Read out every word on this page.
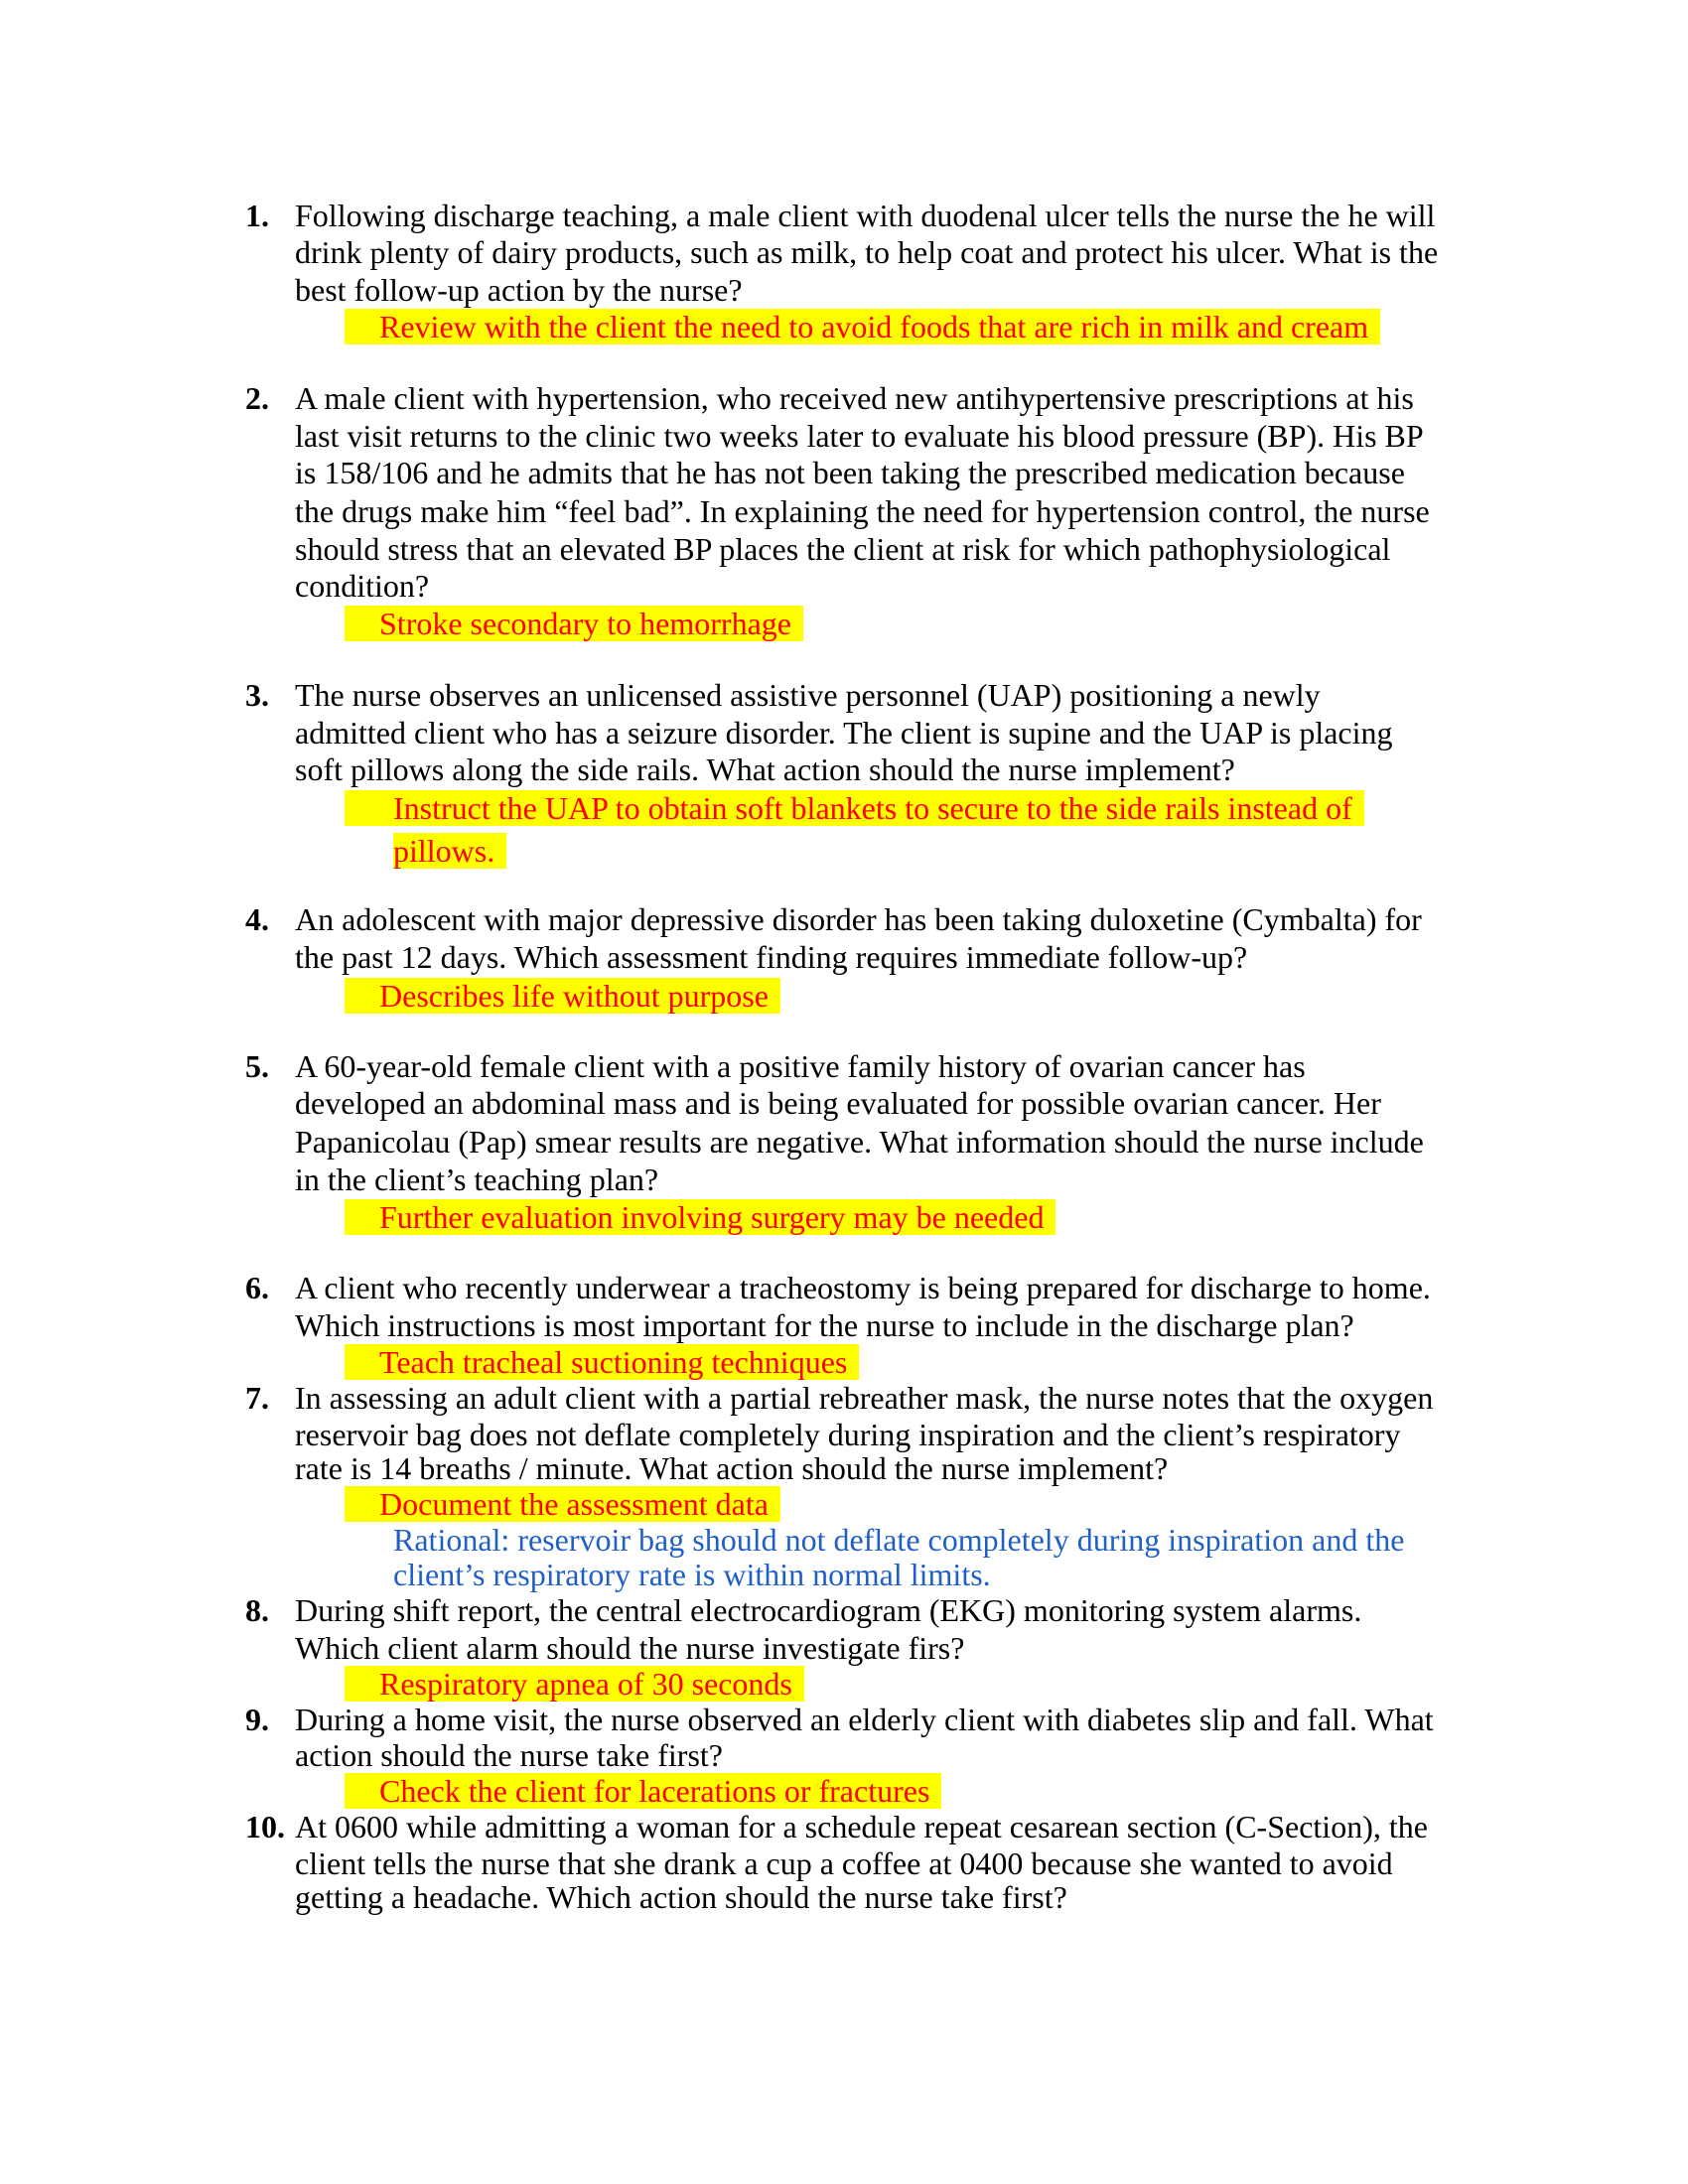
1. Following discharge teaching, a male client with duodenal ulcer tells the nurse the he will
drink plenty of dairy products, such as milk, to help coat and protect his ulcer. What is the
best follow-up action by the nurse?
Review with the client the need to avoid foods that are rich in milk and cream
2. A male client with hypertension, who received new antihypertensive prescriptions at his
last visit returns to the clinic two weeks later to evaluate his blood pressure (BP). His BP
is 158/106 and he admits that he has not been taking the prescribed medication because
the drugs make him “feel bad”. In explaining the need for hypertension control, the nurse
should stress that an elevated BP places the client at risk for which pathophysiological
condition?
Stroke secondary to hemorrhage
3. The nurse observes an unlicensed assistive personnel (UAP) positioning a newly
admitted client who has a seizure disorder. The client is supine and the UAP is placing
soft pillows along the side rails. What action should the nurse implement?
Instruct the UAP to obtain soft blankets to secure to the side rails instead of
pillows.
4. An adolescent with major depressive disorder has been taking duloxetine (Cymbalta) for
the past 12 days. Which assessment finding requires immediate follow-up?
Describes life without purpose
5. A 60-year-old female client with a positive family history of ovarian cancer has
developed an abdominal mass and is being evaluated for possible ovarian cancer. Her
Papanicolau (Pap) smear results are negative. What information should the nurse include
in the client’s teaching plan?
Further evaluation involving surgery may be needed
6. A client who recently underwear a tracheostomy is being prepared for discharge to home.
Which instructions is most important for the nurse to include in the discharge plan?
Teach tracheal suctioning techniques
7. In assessing an adult client with a partial rebreather mask, the nurse notes that the oxygen
reservoir bag does not deflate completely during inspiration and the client’s respiratory
rate is 14 breaths / minute. What action should the nurse implement?
Document the assessment data
Rational: reservoir bag should not deflate completely during inspiration and the
client’s respiratory rate is within normal limits.
8. During shift report, the central electrocardiogram (EKG) monitoring system alarms.
Which client alarm should the nurse investigate firs?
Respiratory apnea of 30 seconds
9. During a home visit, the nurse observed an elderly client with diabetes slip and fall. What
action should the nurse take first?
Check the client for lacerations or fractures
10. At 0600 while admitting a woman for a schedule repeat cesarean section (C-Section), the
client tells the nurse that she drank a cup a coffee at 0400 because she wanted to avoid
getting a headache. Which action should the nurse take first?
